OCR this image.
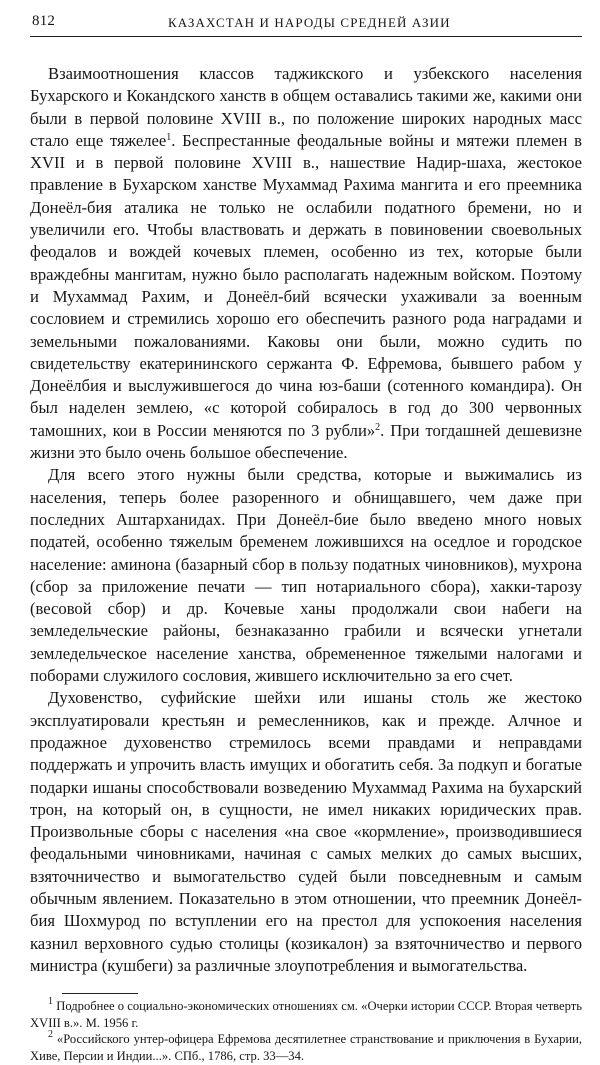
812	КАЗАХСТАН И НАРОДЫ СРЕДНЕЙ АЗИИ

Взаимоотношения классов таджикского и узбекского населения Бухарского и Кокандского ханств в общем оставались такими же, какими они были в первой половине XVIII в., по положение широких народных масс стало еще тяжелее$^1$. Беспрестанные феодальные войны и мятежи племен в XVII и в первой половине XVIII в., нашествие Надир-шаха, жестокое правление в Бухарском ханстве Мухаммад Рахима мангита и его преемника Донеёл-бия аталика не только не ослабили податного бремени, но и увеличили его. Чтобы властвовать и держать в повиновении своевольных феодалов и вождей кочевых племен, особенно из тех, которые были враждебны мангитам, нужно было располагать надежным войском. Поэтому и Мухаммад Рахим, и Донеёл-бий всячески ухаживали за военным сословием и стремились хорошо его обеспечить разного рода наградами и земельными пожалованиями. Каковы они были, можно судить по свидетельству екатерининского сержанта Ф. Ефремова, бывшего рабом у Донеёлбия и выслужившегося до чина юз-баши (сотенного командира). Он был наделен землею, «с которой собиралось в год до 300 червонных тамошних, кои в России меняются по 3 рубли»$^2$. При тогдашней дешевизне жизни это было очень большое обеспечение.

Для всего этого нужны были средства, которые и выжимались из населения, теперь более разоренного и обнищавшего, чем даже при последних Аштарханидах. При Донеёл-бие было введено много новых податей, особенно тяжелым бременем ложившихся на оседлое и городское население: аминона (базарный сбор в пользу податных чиновников), мухрона (сбор за приложение печати — тип нотариального сбора), хакки-тарозу (весовой сбор) и др. Кочевые ханы продолжали свои набеги на земледельческие районы, безнаказанно грабили и всячески угнетали земледельческое население ханства, обремененное тяжелыми налогами и поборами служилого сословия, жившего исключительно за его счет.

Духовенство, суфийские шейхи или ишаны столь же жестоко эксплуатировали крестьян и ремесленников, как и прежде. Алчное и продажное духовенство стремилось всеми правдами и неправдами поддержать и упрочить власть имущих и обогатить себя. За подкуп и богатые подарки ишаны способствовали возведению Мухаммад Рахима на бухарский трон, на который он, в сущности, не имел никаких юридических прав. Произвольные сборы с населения «на свое «кормление», производившиеся феодальными чиновниками, начиная с самых мелких до самых высших, взяточничество и вымогательство судей были повседневным и самым обычным явлением. Показательно в этом отношении, что преемник Донеёл-бия Шохмурод по вступлении его на престол для успокоения населения казнил верховного судью столицы (козикалон) за взяточничество и первого министра (кушбеги) за различные злоупотребления и вымогательства.

$^1$ Подробнее о социально-экономических отношениях см. «Очерки истории СССР. Вторая четверть XVIII в.». М. 1956 г.

$^2$ «Российского унтер-офицера Ефремова десятилетнее странствование и приключения в Бухарии, Хиве, Персии и Индии...». СПб., 1786, стр. 33—34.
